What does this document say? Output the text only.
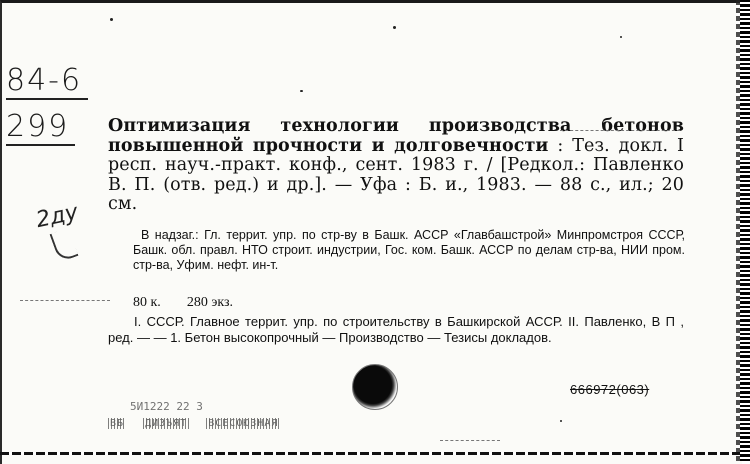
84-6
299
2ду
Оптимизация технологии производства бетонов повышенной прочности и долговечности : Тез. докл. I респ. науч.-практ. конф., сент. 1983 г. / [Редкол.: Павленко В. П. (отв. ред.) и др.]. — Уфа : Б. и., 1983. — 88 с., ил.; 20 см.
В надзаг.: Гл. террит. упр. по стр-ву в Башк. АССР «Главбашстрой» Минпромстроя СССР, Башк. обл. правл. НТО строит. индустрии, Гос. ком. Башк. АССР по делам стр-ва, НИИ пром. стр-ва, Уфим. нефт. ин-т.
80 к. 280 экз.
I. СССР. Главное террит. упр. по строительству в Башкирской АССР. II. Павленко, В П , ред. — — 1. Бетон высокопрочный — Производство — Тезисы докладов.
666972(063)
5И1222 22 3
ВБ ДИЗЪЯТ ВСЕСОЮЗНАЯ
